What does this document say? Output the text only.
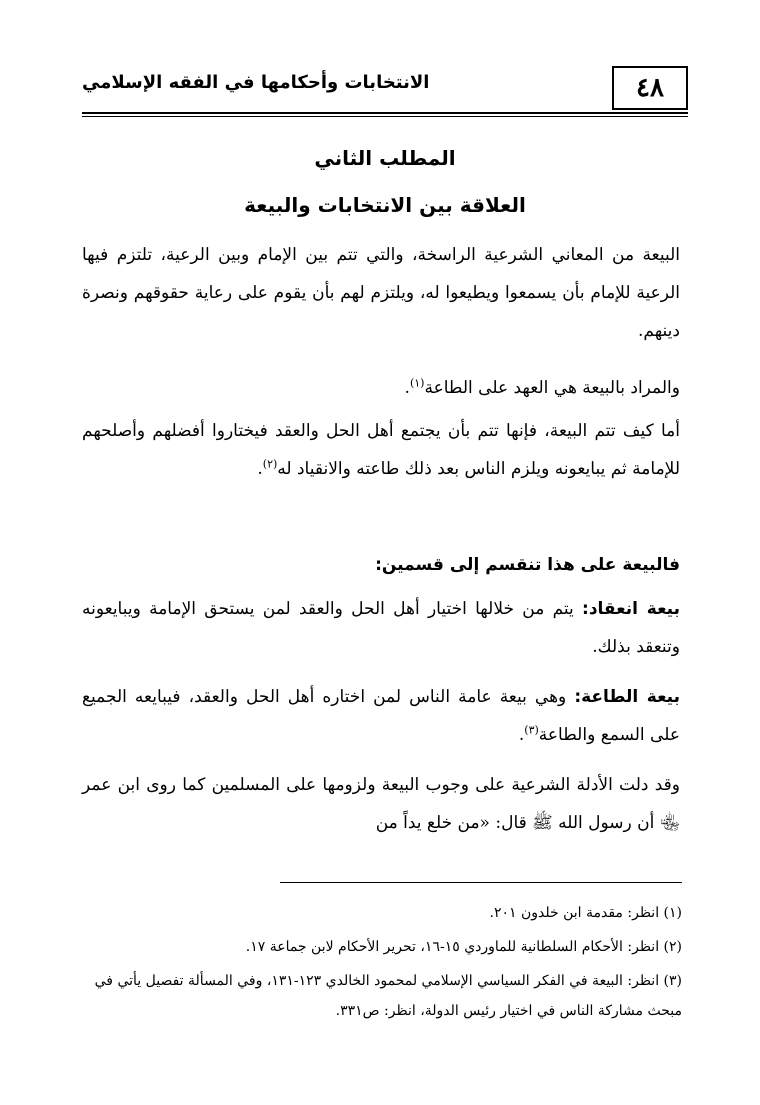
٤٨
الانتخابات وأحكامها في الفقه الإسلامي
المطلب الثاني
العلاقة بين الانتخابات والبيعة
البيعة من المعاني الشرعية الراسخة، والتي تتم بين الإمام وبين الرعية، تلتزم فيها الرعية للإمام بأن يسمعوا ويطيعوا له، ويلتزم لهم بأن يقوم على رعاية حقوقهم ونصرة دينهم.
والمراد بالبيعة هي العهد على الطاعة$^{(١)}$.
أما كيف تتم البيعة، فإنها تتم بأن يجتمع أهل الحل والعقد فيختاروا أفضلهم وأصلحهم للإمامة ثم يبايعونه ويلزم الناس بعد ذلك طاعته والانقياد له$^{(٢)}$.
فالبيعة على هذا تنقسم إلى قسمين:
بيعة انعقاد: يتم من خلالها اختيار أهل الحل والعقد لمن يستحق الإمامة ويبايعونه وتنعقد بذلك.
بيعة الطاعة: وهي بيعة عامة الناس لمن اختاره أهل الحل والعقد، فيبايعه الجميع على السمع والطاعة$^{(٣)}$.
وقد دلت الأدلة الشرعية على وجوب البيعة ولزومها على المسلمين كما روى ابن عمر ﵄ أن رسول الله ﷺ قال: «من خلع يداً من
(١) انظر: مقدمة ابن خلدون ٢٠١.
(٢) انظر: الأحكام السلطانية للماوردي ١٥-١٦، تحرير الأحكام لابن جماعة ١٧.
(٣) انظر: البيعة في الفكر السياسي الإسلامي لمحمود الخالدي ١٢٣-١٣١، وفي المسألة تفصيل يأتي في مبحث مشاركة الناس في اختيار رئيس الدولة، انظر: ص٣٣١.
